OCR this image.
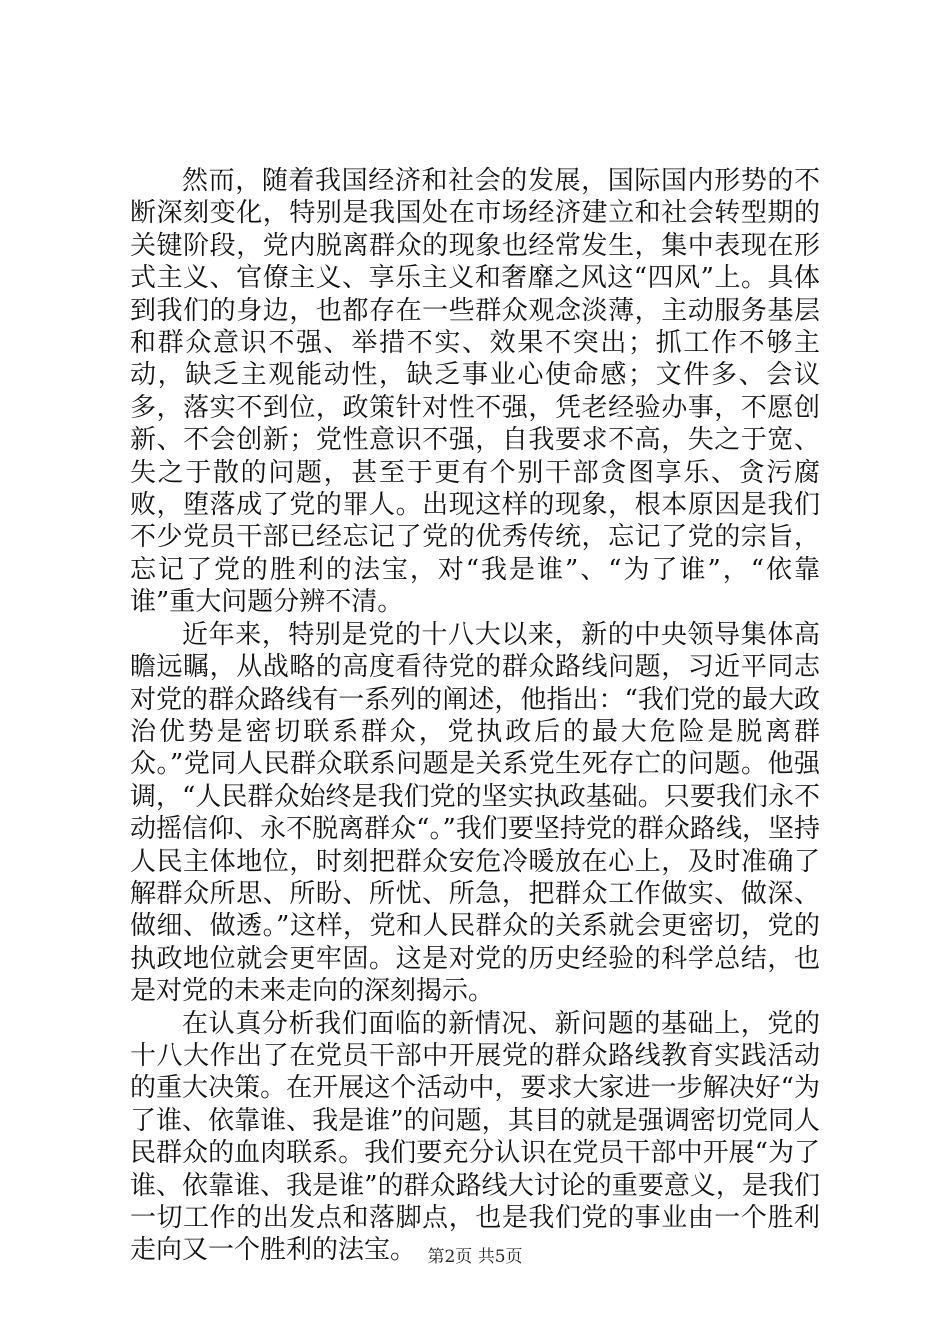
然而，随着我国经济和社会的发展，国际国内形势的不断深刻变化，特别是我国处在市场经济建立和社会转型期的关键阶段，党内脱离群众的现象也经常发生，集中表现在形式主义、官僚主义、享乐主义和奢靡之风这“四风”上。具体到我们的身边，也都存在一些群众观念淡薄，主动服务基层和群众意识不强、举措不实、效果不突出；抓工作不够主动，缺乏主观能动性，缺乏事业心使命感；文件多、会议多，落实不到位，政策针对性不强，凭老经验办事，不愿创新、不会创新；党性意识不强，自我要求不高，失之于宽、失之于散的问题，甚至于更有个别干部贪图享乐、贪污腐败，堕落成了党的罪人。出现这样的现象，根本原因是我们不少党员干部已经忘记了党的优秀传统，忘记了党的宗旨，忘记了党的胜利的法宝，对“我是谁”、“为了谁”，“依靠谁”重大问题分辨不清。

近年来，特别是党的十八大以来，新的中央领导集体高瞻远瞩，从战略的高度看待党的群众路线问题，习近平同志对党的群众路线有一系列的阐述，他指出：“我们党的最大政治优势是密切联系群众，党执政后的最大危险是脱离群众。”党同人民群众联系问题是关系党生死存亡的问题。他强调，“人民群众始终是我们党的坚实执政基础。只要我们永不动摇信仰、永不脱离群众“。”我们要坚持党的群众路线，坚持人民主体地位，时刻把群众安危冷暖放在心上，及时准确了解群众所思、所盼、所忧、所急，把群众工作做实、做深、做细、做透。”这样，党和人民群众的关系就会更密切，党的执政地位就会更牢固。这是对党的历史经验的科学总结，也是对党的未来走向的深刻揭示。

在认真分析我们面临的新情况、新问题的基础上，党的十八大作出了在党员干部中开展党的群众路线教育实践活动的重大决策。在开展这个活动中，要求大家进一步解决好“为了谁、依靠谁、我是谁”的问题，其目的就是强调密切党同人民群众的血肉联系。我们要充分认识在党员干部中开展“为了谁、依靠谁、我是谁”的群众路线大讨论的重要意义，是我们一切工作的出发点和落脚点，也是我们党的事业由一个胜利走向又一个胜利的法宝。 第2页 共5页
